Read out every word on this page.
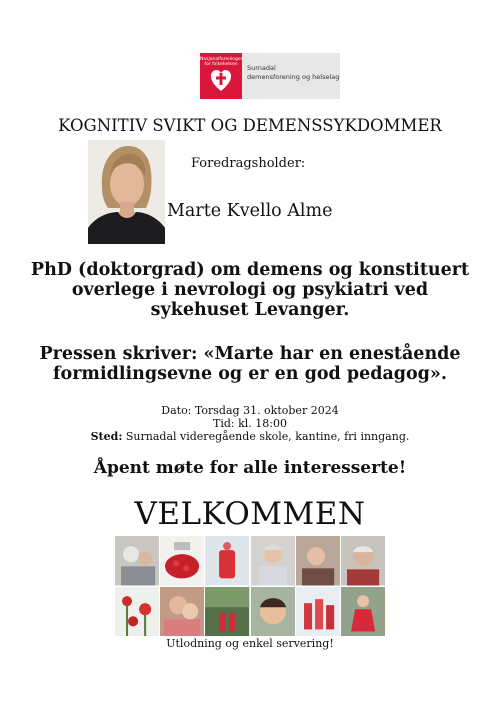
Nasjonalforeningen
for folkehelsen	Surnadal
demensforening og helselag
KOGNITIV SVIKT OG DEMENSSYKDOMMER
Foredragsholder:
Marte Kvello Alme
PhD (doktorgrad) om demens og konstituert overlege i nevrologi og psykiatri ved sykehuset Levanger.
Pressen skriver: «Marte har en enestående formidlingsevne og er en god pedagog».
Dato: Torsdag 31. oktober 2024
Tid: kl. 18:00
Sted: Surnadal videregående skole, kantine, fri inngang.
Åpent møte for alle interesserte!
VELKOMMEN
Utlodning og enkel servering!
